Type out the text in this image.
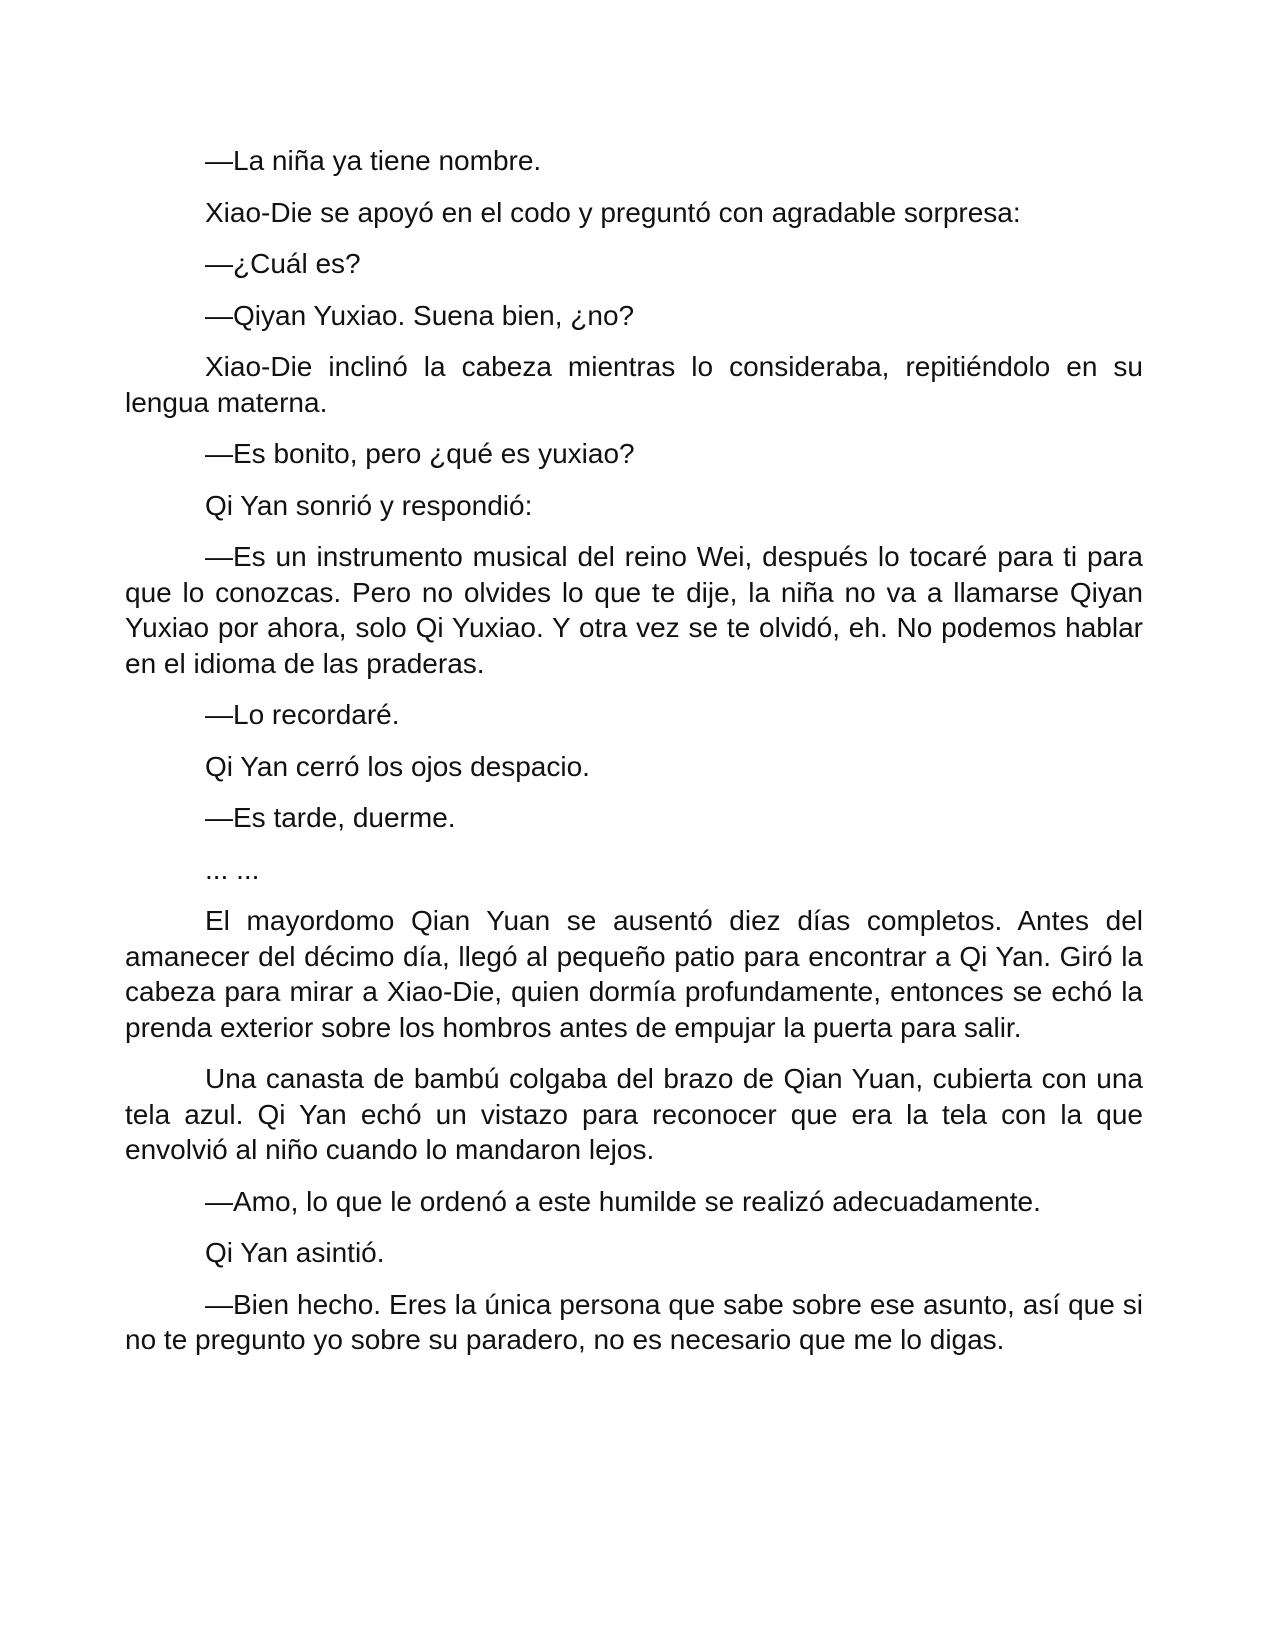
—La niña ya tiene nombre.

Xiao-Die se apoyó en el codo y preguntó con agradable sorpresa:

—¿Cuál es?

—Qiyan Yuxiao. Suena bien, ¿no?

Xiao-Die inclinó la cabeza mientras lo consideraba, repitiéndolo en su lengua materna.

—Es bonito, pero ¿qué es yuxiao?

Qi Yan sonrió y respondió:

—Es un instrumento musical del reino Wei, después lo tocaré para ti para que lo conozcas. Pero no olvides lo que te dije, la niña no va a llamarse Qiyan Yuxiao por ahora, solo Qi Yuxiao. Y otra vez se te olvidó, eh. No podemos hablar en el idioma de las praderas.

—Lo recordaré.

Qi Yan cerró los ojos despacio.

—Es tarde, duerme.

... ...

El mayordomo Qian Yuan se ausentó diez días completos. Antes del amanecer del décimo día, llegó al pequeño patio para encontrar a Qi Yan. Giró la cabeza para mirar a Xiao-Die, quien dormía profundamente, entonces se echó la prenda exterior sobre los hombros antes de empujar la puerta para salir.

Una canasta de bambú colgaba del brazo de Qian Yuan, cubierta con una tela azul. Qi Yan echó un vistazo para reconocer que era la tela con la que envolvió al niño cuando lo mandaron lejos.

—Amo, lo que le ordenó a este humilde se realizó adecuadamente.

Qi Yan asintió.

—Bien hecho. Eres la única persona que sabe sobre ese asunto, así que si no te pregunto yo sobre su paradero, no es necesario que me lo digas.
